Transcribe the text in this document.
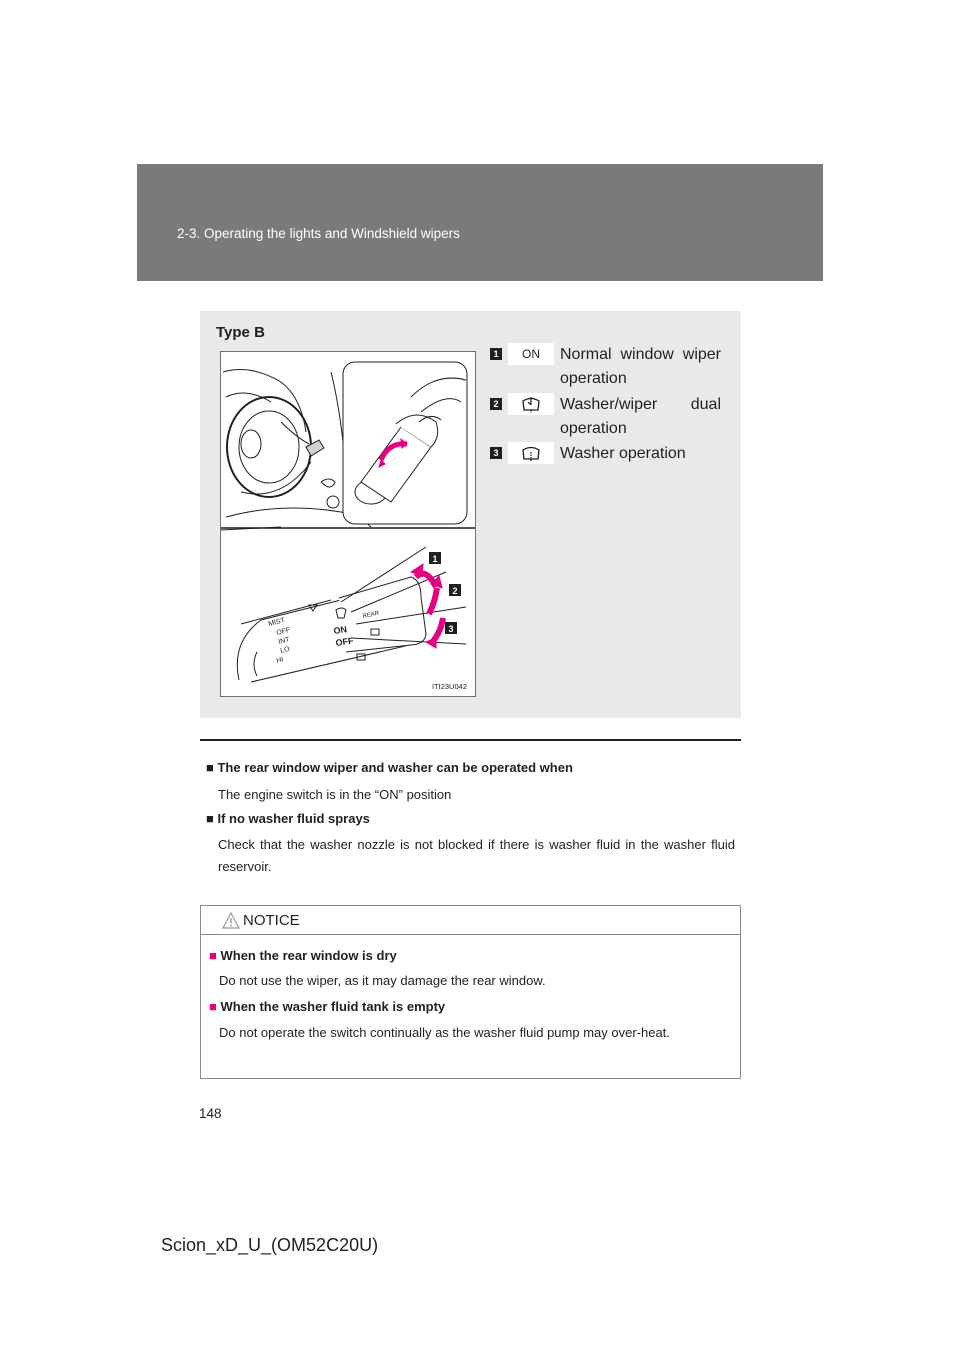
2-3. Operating the lights and Windshield wipers
Type B
MIST
OFF
INT
LO
HI
REAR
ON
OFF
1
2
3
ITI23U042
1 ON Normal window wiper operation
2	Washer/wiper dual operation
3	Washer operation
■ The rear window wiper and washer can be operated when
The engine switch is in the “ON” position
■ If no washer fluid sprays
Check that the washer nozzle is not blocked if there is washer fluid in the washer fluid reservoir.
NOTICE
■ When the rear window is dry
Do not use the wiper, as it may damage the rear window.
■ When the washer fluid tank is empty
Do not operate the switch continually as the washer fluid pump may over-heat.
148
Scion_xD_U_(OM52C20U)
